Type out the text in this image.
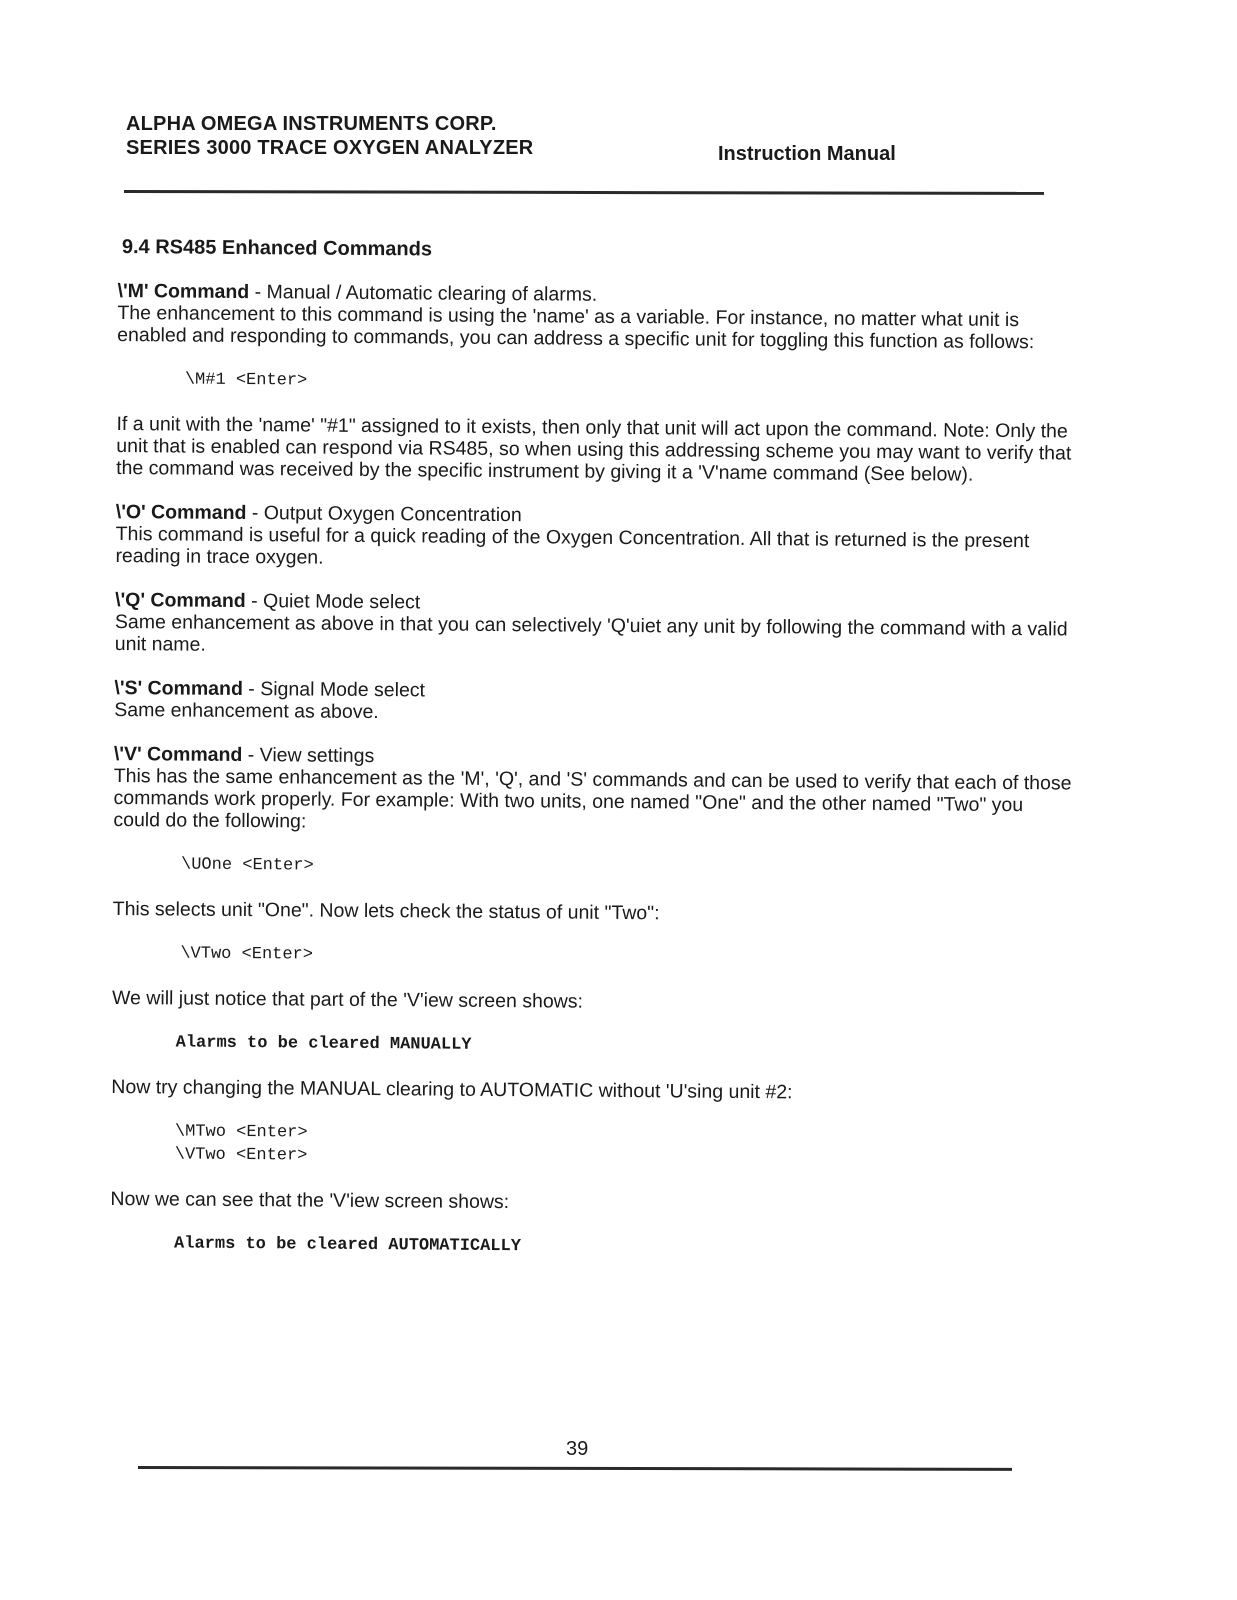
ALPHA OMEGA INSTRUMENTS CORP.
SERIES 3000 TRACE OXYGEN ANALYZER	Instruction Manual
9.4 RS485 Enhanced Commands
\'M' Command - Manual / Automatic clearing of alarms.
The enhancement to this command is using the 'name' as a variable. For instance, no matter what unit is enabled and responding to commands, you can address a specific unit for toggling this function as follows:
\M#1 <Enter>
If a unit with the 'name' "#1" assigned to it exists, then only that unit will act upon the command. Note: Only the unit that is enabled can respond via RS485, so when using this addressing scheme you may want to verify that the command was received by the specific instrument by giving it a 'V'name command (See below).
\'O' Command - Output Oxygen Concentration
This command is useful for a quick reading of the Oxygen Concentration. All that is returned is the present reading in trace oxygen.
\'Q' Command - Quiet Mode select
Same enhancement as above in that you can selectively 'Q'uiet any unit by following the command with a valid unit name.
\'S' Command - Signal Mode select
Same enhancement as above.
\'V' Command - View settings
This has the same enhancement as the 'M', 'Q', and 'S' commands and can be used to verify that each of those commands work properly. For example: With two units, one named "One" and the other named "Two" you could do the following:
\UOne <Enter>
This selects unit "One". Now lets check the status of unit "Two":
\VTwo <Enter>
We will just notice that part of the 'V'iew screen shows:
Alarms to be cleared MANUALLY
Now try changing the MANUAL clearing to AUTOMATIC without 'U'sing unit #2:
\MTwo <Enter>
\VTwo <Enter>
Now we can see that the 'V'iew screen shows:
Alarms to be cleared AUTOMATICALLY
39
